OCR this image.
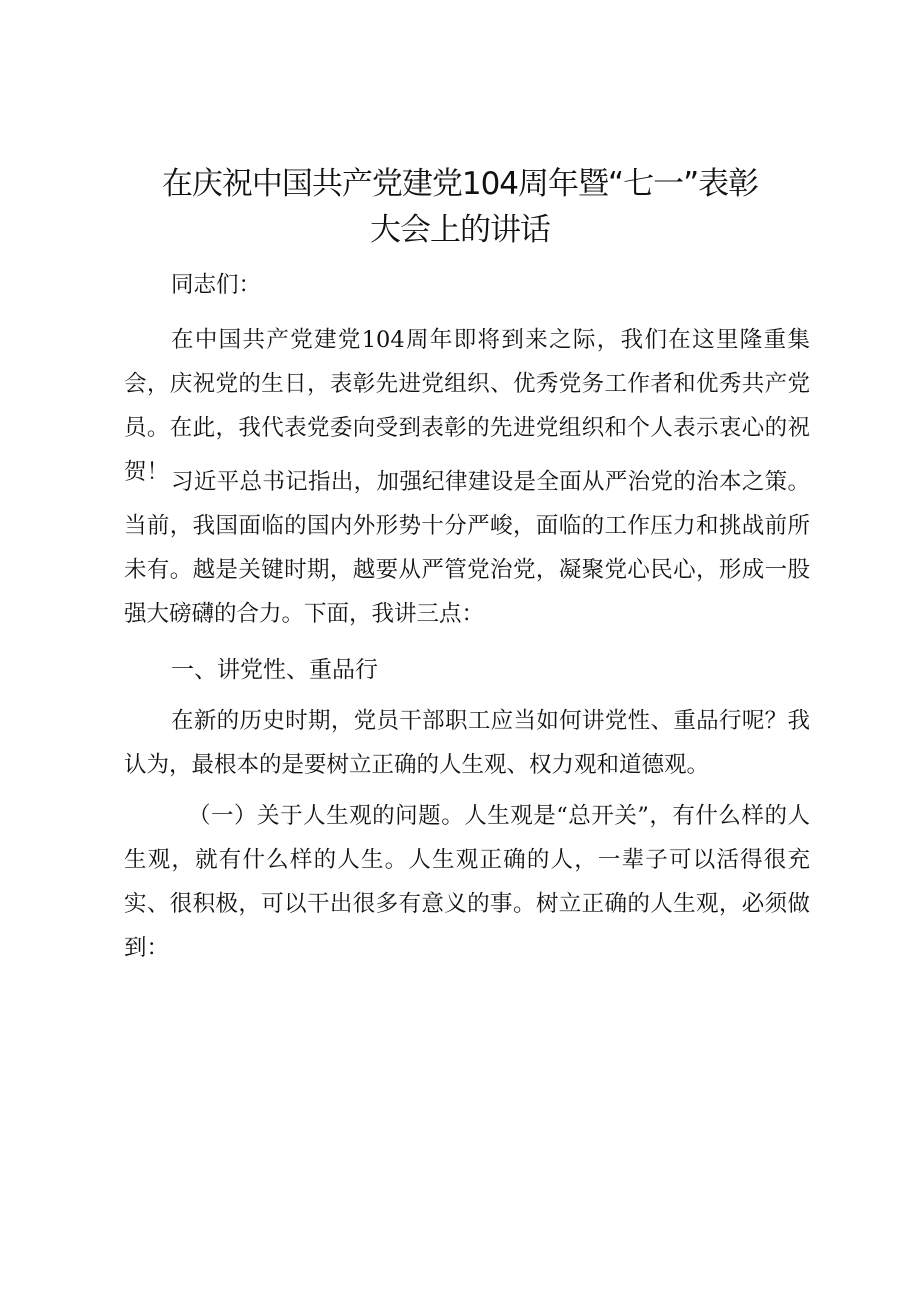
在庆祝中国共产党建党104周年暨“七一”表彰
大会上的讲话
同志们：

在中国共产党建党104周年即将到来之际，我们在这里隆重集会，庆祝党的生日，表彰先进党组织、优秀党务工作者和优秀共产党员。在此，我代表党委向受到表彰的先进党组织和个人表示衷心的祝贺！ 习近平总书记指出，加强纪律建设是全面从严治党的治本之策。当前，我国面临的国内外形势十分严峻，面临的工作压力和挑战前所未有。越是关键时期，越要从严管党治党，凝聚党心民心，形成一股强大磅礴的合力。下面，我讲三点：

一、讲党性、重品行

在新的历史时期，党员干部职工应当如何讲党性、重品行呢？我认为，最根本的是要树立正确的人生观、权力观和道德观。

（一）关于人生观的问题。人生观是“总开关”，有什么样的人生观，就有什么样的人生。人生观正确的人，一辈子可以活得很充实、很积极，可以干出很多有意义的事。树立正确的人生观，必须做到：
